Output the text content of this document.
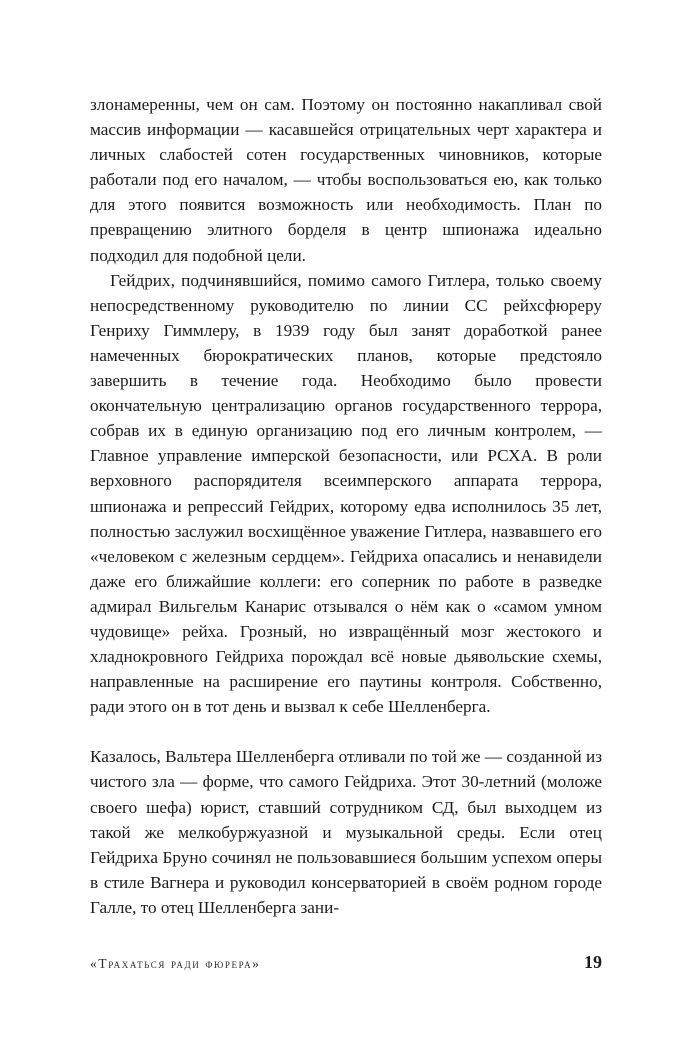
злонамеренны, чем он сам. Поэтому он постоянно накапливал свой массив информации — касавшейся отрицательных черт характера и личных слабостей сотен государственных чиновников, которые работали под его началом, — чтобы воспользоваться ею, как только для этого появится возможность или необходимость. План по превращению элитного борделя в центр шпионажа идеально подходил для подобной цели.

Гейдрих, подчинявшийся, помимо самого Гитлера, только своему непосредственному руководителю по линии СС рейхсфюреру Генриху Гиммлеру, в 1939 году был занят доработкой ранее намеченных бюрократических планов, которые предстояло завершить в течение года. Необходимо было провести окончательную централизацию органов государственного террора, собрав их в единую организацию под его личным контролем, — Главное управление имперской безопасности, или РСХА. В роли верховного распорядителя всеимперского аппарата террора, шпионажа и репрессий Гейдрих, которому едва исполнилось 35 лет, полностью заслужил восхищённое уважение Гитлера, назвавшего его «человеком с железным сердцем». Гейдриха опасались и ненавидели даже его ближайшие коллеги: его соперник по работе в разведке адмирал Вильгельм Канарис отзывался о нём как о «самом умном чудовище» рейха. Грозный, но извращённый мозг жестокого и хладнокровного Гейдриха порождал всё новые дьявольские схемы, направленные на расширение его паутины контроля. Собственно, ради этого он в тот день и вызвал к себе Шелленберга.

Казалось, Вальтера Шелленберга отливали по той же — созданной из чистого зла — форме, что самого Гейдриха. Этот 30-летний (моложе своего шефа) юрист, ставший сотрудником СД, был выходцем из такой же мелкобуржуазной и музыкальной среды. Если отец Гейдриха Бруно сочинял не пользовавшиеся большим успехом оперы в стиле Вагнера и руководил консерваторией в своём родном городе Галле, то отец Шелленберга зани-

«Трахаться ради фюрера»	19
